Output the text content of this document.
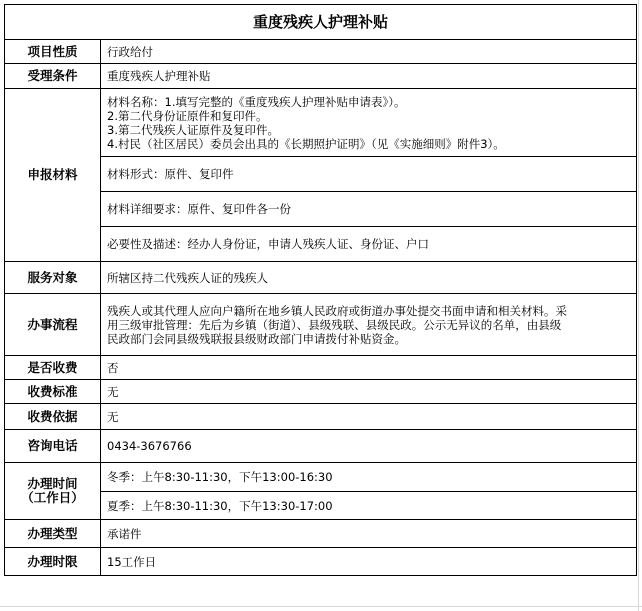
重度残疾人护理补贴	
项目性质	行政给付
受理条件	重度残疾人护理补贴
申报材料	材料名称：1.填写完整的《重度残疾人护理补贴申请表》）。
2.第二代身份证原件和复印件。
3.第二代残疾人证原件及复印件。
4.村民（社区居民）委员会出具的《长期照护证明》（见《实施细则》附件3）。

	材料形式：原件、复印件
	材料详细要求：原件、复印件各一份
	必要性及描述：经办人身份证，申请人残疾人证、身份证、户口
服务对象	所辖区持二代残疾人证的残疾人
办事流程	残疾人或其代理人应向户籍所在地乡镇人民政府或街道办事处提交书面申请和相关材料。采
用三级审批管理：先后为乡镇（街道）、县级残联、县级民政。公示无异议的名单，由县级
民政部门会同县级残联报县级财政部门申请拨付补贴资金。

是否收费	否
收费标准	无
收费依据	无
咨询电话	0434-3676766

办理时间
（工作日）	冬季：上午8:30-11:30，下午13:00-16:30
	夏季：上午8:30-11:30，下午13:30-17:00
办理类型	承诺件
办理时限	15工作日
